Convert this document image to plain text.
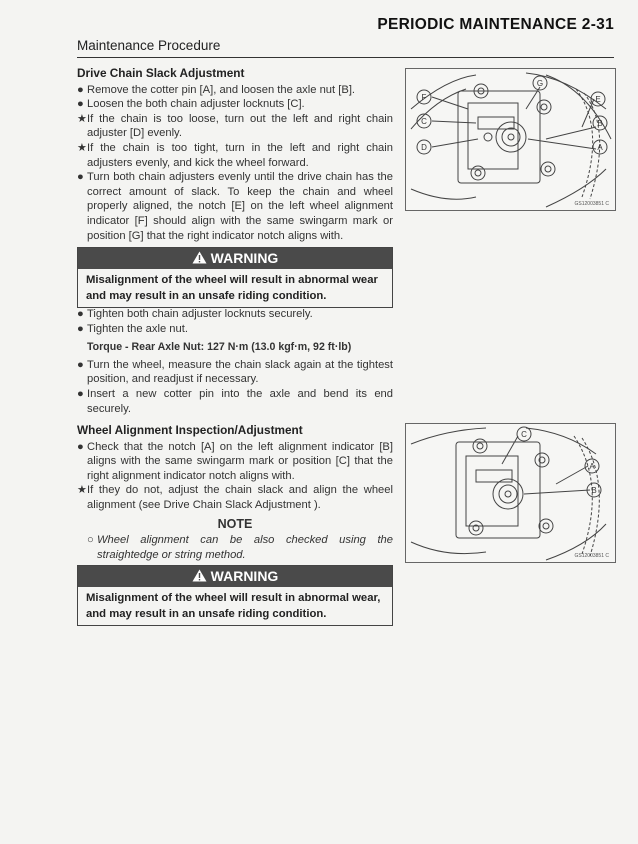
PERIODIC MAINTENANCE 2-31
Maintenance Procedure
Drive Chain Slack Adjustment
● Remove the cotter pin [A], and loosen the axle nut [B].
● Loosen the both chain adjuster locknuts [C].
★ If the chain is too loose, turn out the left and right chain adjuster [D] evenly.
★ If the chain is too tight, turn in the left and right chain adjusters evenly, and kick the wheel forward.
● Turn both chain adjusters evenly until the drive chain has the correct amount of slack. To keep the chain and wheel properly aligned, the notch [E] on the left wheel alignment indicator [F] should align with the same swingarm mark or position [G] that the right indicator notch aligns with.
WARNING
Misalignment of the wheel will result in abnormal wear and may result in an unsafe riding condition.
● Tighten both chain adjuster locknuts securely.
● Tighten the axle nut.
Torque - Rear Axle Nut: 127 N·m (13.0 kgf·m, 92 ft·lb)
● Turn the wheel, measure the chain slack again at the tightest position, and readjust if necessary.
● Insert a new cotter pin into the axle and bend its end securely.
Wheel Alignment Inspection/Adjustment
● Check that the notch [A] on the left alignment indicator [B] aligns with the same swingarm mark or position [C] that the right alignment indicator notch aligns with.
★ If they do not, adjust the chain slack and align the wheel alignment (see Drive Chain Slack Adjustment ).
NOTE
○ Wheel alignment can be also checked using the straightedge or string method.
WARNING
Misalignment of the wheel will result in abnormal wear, and may result in an unsafe riding condition.
F
C
D
G
E
B
A
GS12003851 C
C
A
B
GS12003851 C
